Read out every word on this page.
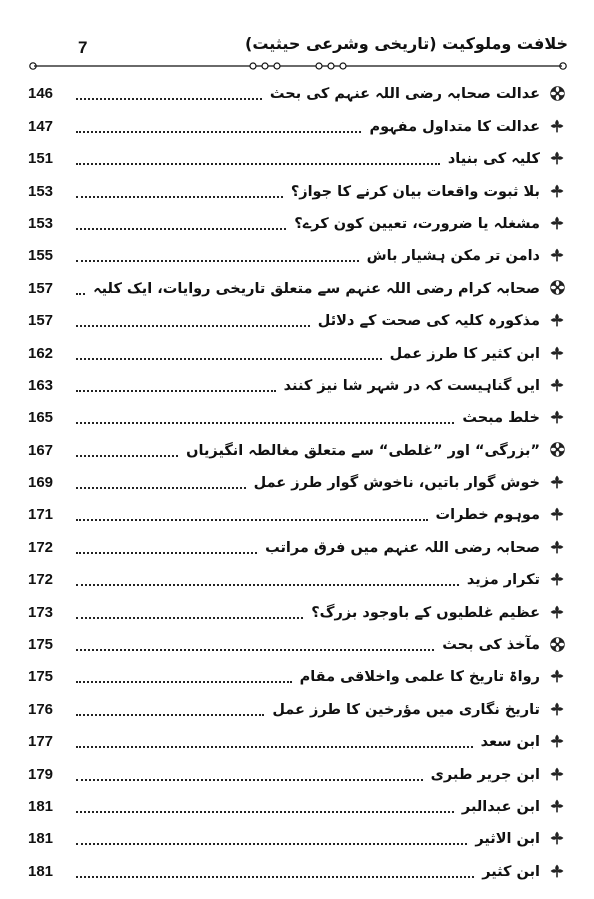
7	خلافت وملوکیت (تاریخی وشرعی حیثیت)
عدالت صحابہ رضی اللہ عنہم کی بحث
146
عدالت کا متداول مفہوم
147
کلیہ کی بنیاد
151
بلا ثبوت واقعات بیان کرنے کا جواز؟
153
مشغلہ یا ضرورت، تعیین کون کرے؟
153
دامن تر مکن ہشیار باش
155
صحابہ کرام رضی اللہ عنہم سے متعلق تاریخی روایات، ایک کلیہ
157
مذکورہ کلیہ کی صحت کے دلائل
157
ابن کثیر کا طرز عمل
162
ایں گناہیست کہ در شہر شا نیز کنند
163
خلط مبحث
165
”بزرگی“ اور ”غلطی“ سے متعلق مغالطہ انگیزیاں
167
خوش گوار باتیں، ناخوش گوار طرز عمل
169
موہوم خطرات
171
صحابہ رضی اللہ عنہم میں فرق مراتب
172
تکرار مزید
172
عظیم غلطیوں کے باوجود بزرگ؟
173
مآخذ کی بحث
175
رواۃ تاریخ کا علمی واخلاقی مقام
175
تاریخ نگاری میں مؤرخین کا طرز عمل
176
ابن سعد
177
ابن جریر طبری
179
ابن عبدالبر
181
ابن الاثیر
181
ابن کثیر
181
